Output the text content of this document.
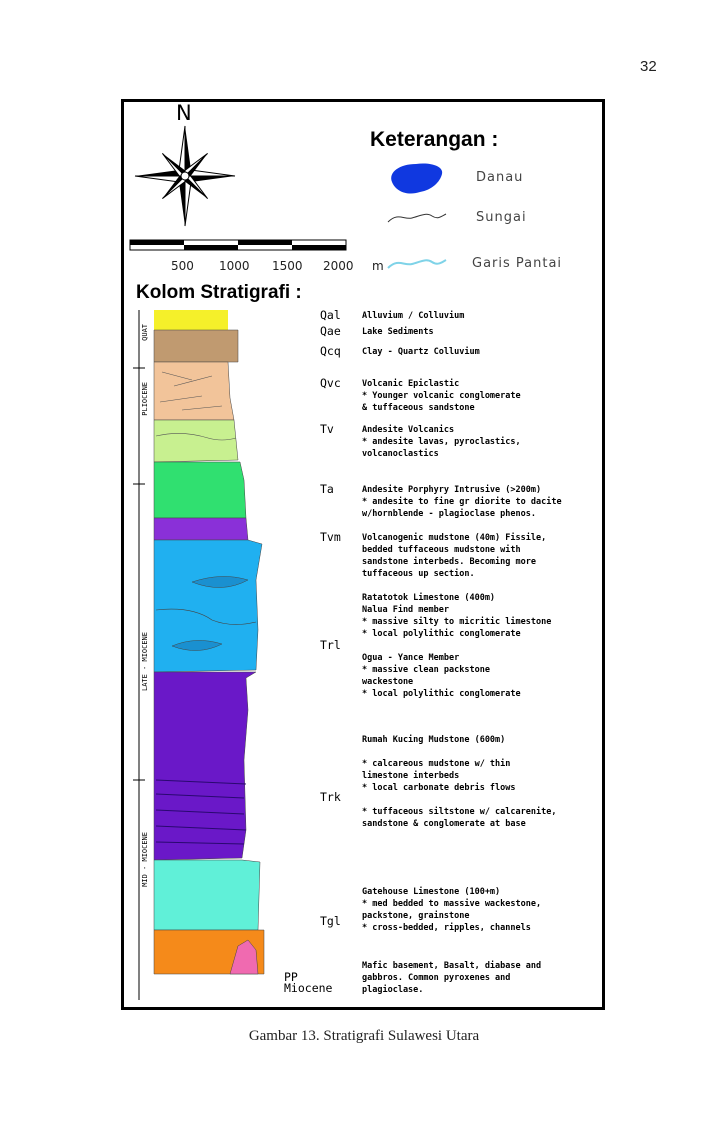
32
N
Keterangan :
Danau
Sungai
Garis Pantai
500 1000 1500 2000 m
Kolom Stratigrafi :
QUAT
PLIOCENE
LATE - MIOCENE
MID - MIOCENE
Qal
Qae
Qcq
Qvc
Tv
Ta
Tvm
Trl
Trk
Tgl
PP Miocene
Alluvium / Colluvium
Lake Sediments
Clay - Quartz Colluvium
Volcanic Epiclastic
* Younger volcanic conglomerate
& tuffaceous sandstone
Andesite Volcanics
* andesite lavas, pyroclastics,
volcanoclastics
Andesite Porphyry Intrusive (>200m)
* andesite to fine gr diorite to dacite
w/hornblende - plagioclase phenos.
Volcanogenic mudstone (40m) Fissile,
bedded tuffaceous mudstone with
sandstone interbeds. Becoming more
tuffaceous up section.
Ratatotok Limestone (400m)
Nalua Find member
* massive silty to micritic limestone
* local polylithic conglomerate

Ogua - Yance Member
* massive clean packstone
wackestone
* local polylithic conglomerate
Rumah Kucing Mudstone (600m)

* calcareous mudstone w/ thin
limestone interbeds
* local carbonate debris flows

* tuffaceous siltstone w/ calcarenite,
sandstone & conglomerate at base
Gatehouse Limestone (100+m)
* med bedded to massive wackestone,
packstone, grainstone
* cross-bedded, ripples, channels
Mafic basement, Basalt, diabase and
gabbros. Common pyroxenes and
plagioclase.
Gambar 13. Stratigrafi Sulawesi Utara
